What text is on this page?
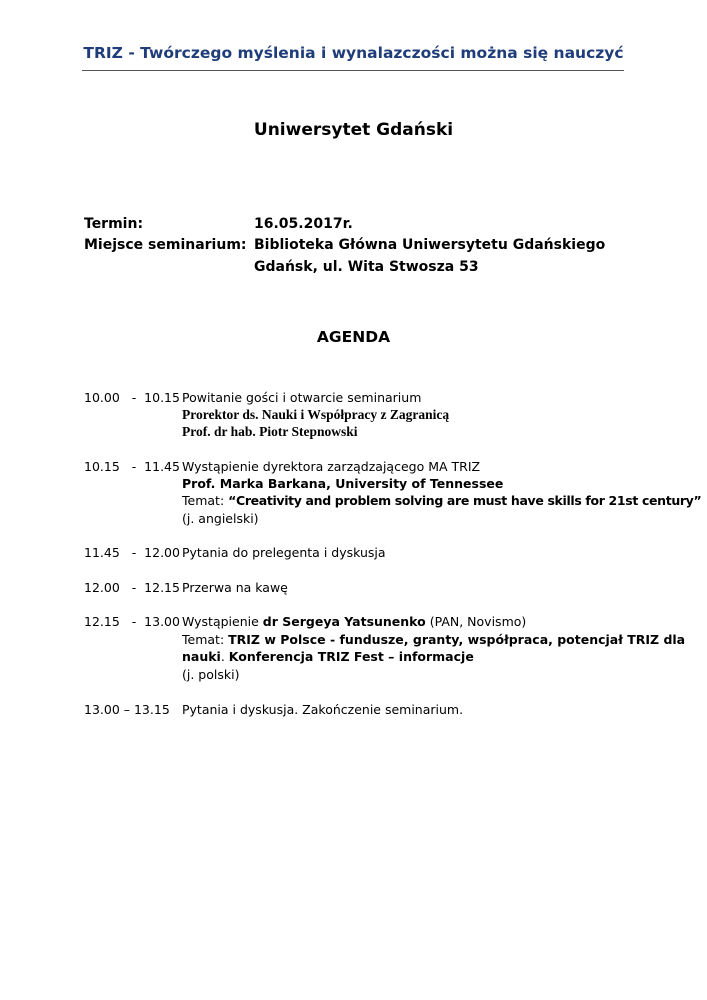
TRIZ - Twórczego myślenia i wynalazczości można się nauczyć
Uniwersytet Gdański
Termin:	16.05.2017r.
Miejsce seminarium: Biblioteka Główna Uniwersytetu Gdańskiego
Gdańsk, ul. Wita Stwosza 53
AGENDA
10.00   -  10.15 Powitanie gości i otwarcie seminarium
Prorektor ds. Nauki i Współpracy z Zagranicą
Prof. dr hab. Piotr Stepnowski
10.15   -  11.45 Wystąpienie dyrektora zarządzającego MA TRIZ
Prof. Marka Barkana, University of Tennessee
Temat: “Creativity and problem solving are must have skills for 21st century”
(j. angielski)
11.45   -  12.00 Pytania do prelegenta i dyskusja
12.00   -  12.15 Przerwa na kawę
12.15   -  13.00 Wystąpienie dr Sergeya Yatsunenko (PAN, Novismo)
Temat: TRIZ w Polsce - fundusze, granty, współpraca, potencjał TRIZ dla
nauki. Konferencja TRIZ Fest – informacje
(j. polski)
13.00 – 13.15 Pytania i dyskusja. Zakończenie seminarium.
